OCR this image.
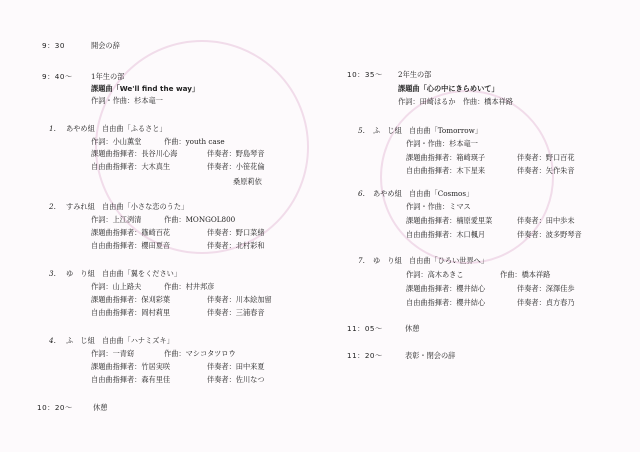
9：30	開会の辞
9：40～	1年生の部
課題曲「We'll find the way」
作詞・作曲：杉本竜一
1. あやめ組　自由曲「ふるさと」
作詞：小山薫堂	作曲：youth case
課題曲指揮者：長谷川心海	伴奏者：野島琴音
自由曲指揮者：大木真生	伴奏者：小笹花倫
桑原莉依
2. すみれ組　自由曲「小さな恋のうた」
作詞：上江洌清	作曲：MONGOL800
課題曲指揮者：篠崎百花	伴奏者：野口菜緒
自由曲指揮者：櫻田夏音	伴奏者：北村彩和
3. ゆ　り組　自由曲「翼をください」
作詞：山上路夫	作曲：村井邦彦
課題曲指揮者：保刈彩葉	伴奏者：川本絵加留
自由曲指揮者：岡村莉里	伴奏者：三浦春音
4. ふ　じ組　自由曲「ハナミズキ」
作詞：一青窈	作曲：マシコタツロウ
課題曲指揮者：竹居実咲	伴奏者：田中来夏
自由曲指揮者：森有里佳	伴奏者：佐川なつ
10：20～	休憩
10：35～ 2年生の部
課題曲「心の中にきらめいて」
作詞：田崎はるか　作曲：橋本祥路
5. ふ　じ組　自由曲「Tomorrow」
作詞・作曲：杉本竜一
課題曲指揮者：箱崎瑛子	伴奏者：野口百花
自由曲指揮者：木下星来	伴奏者：矢作朱音
6. あやめ組　自由曲「Cosmos」
作詞・作曲：ミマス
課題曲指揮者：楠原愛里菜	伴奏者：田中歩未
自由曲指揮者：木口楓月	伴奏者：波多野琴音
7. ゆ　り組　自由曲「ひろい世界へ」
作詞：高木あきこ	作曲：橋本祥路
課題曲指揮者：櫻井結心	伴奏者：深澤佳歩
自由曲指揮者：櫻井結心	伴奏者：貞方春乃
11：05～	休憩
11：20～	表彰・閉会の辞
